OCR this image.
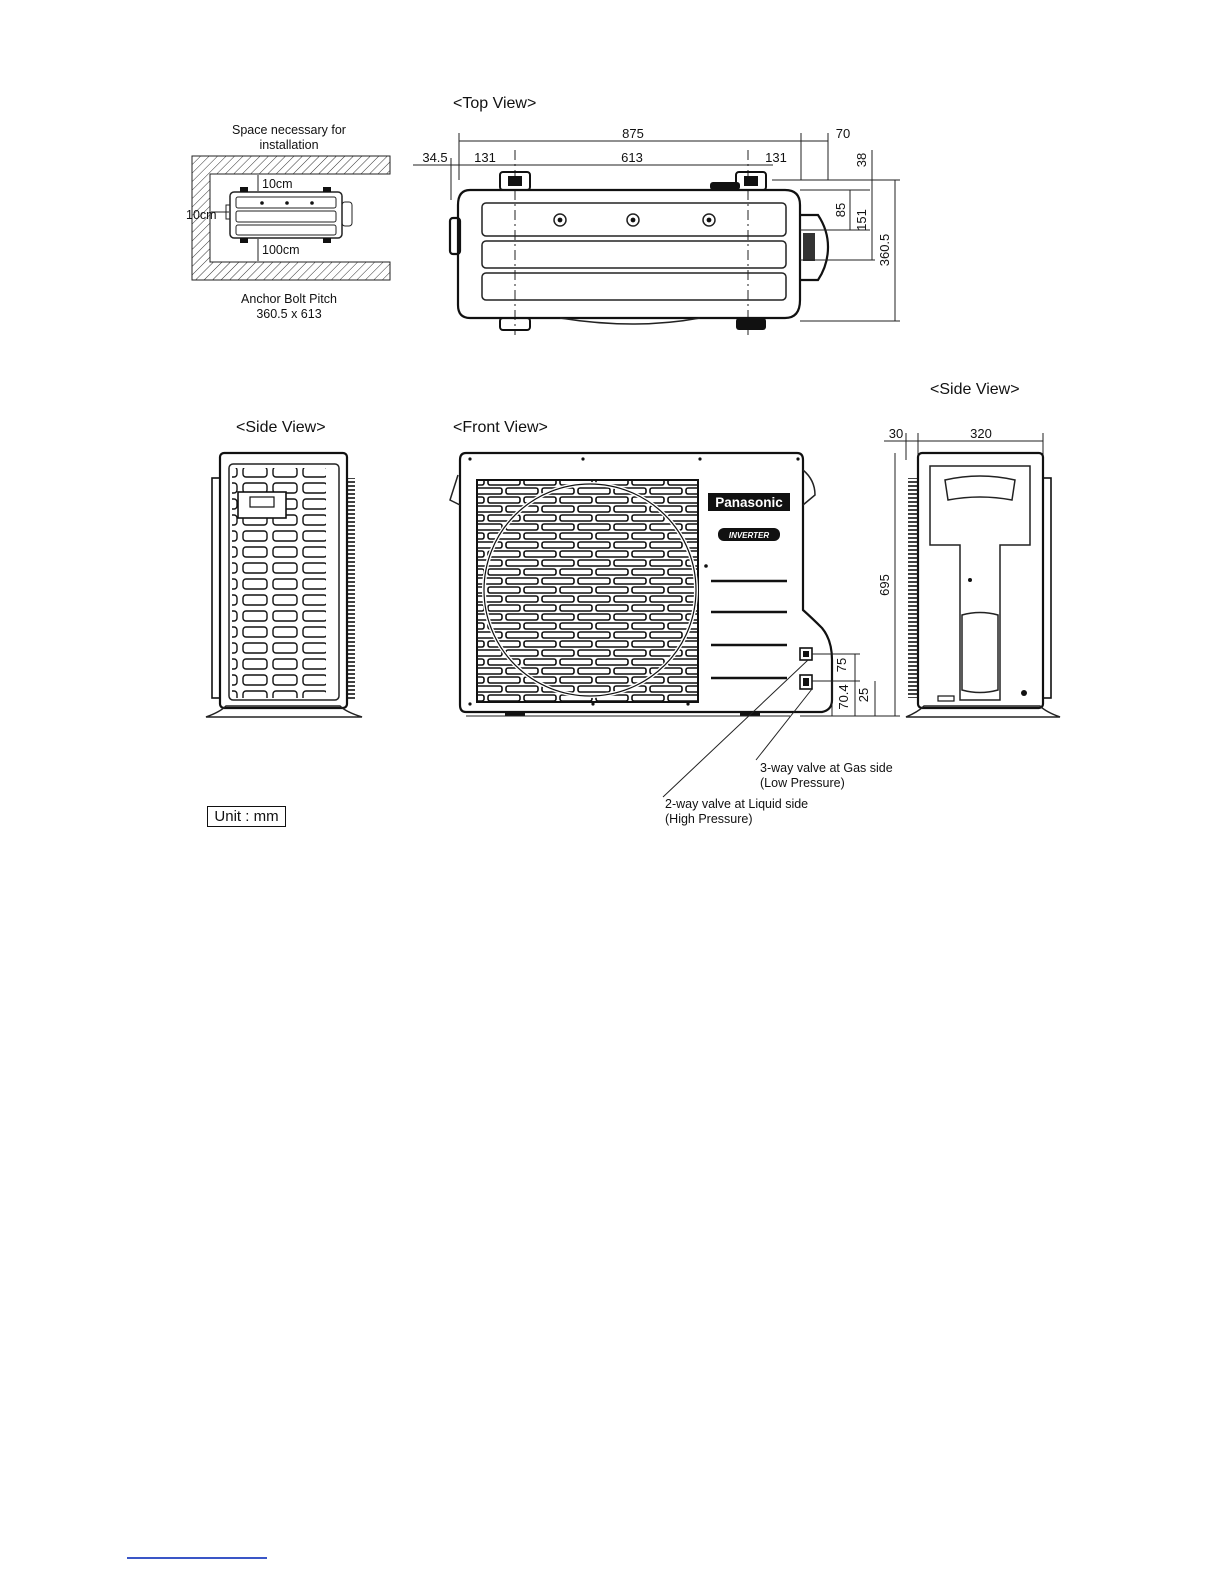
Space necessary for
installation
10cm
10cm
100cm
Anchor Bolt Pitch
360.5 x 613
<Top View>
875	70
34.5 131	613	131	38
85 151
360.5
<Side View>	<Front View>
Panasonic
INVERTER
75
25
70.4
695
3-way valve at Gas side
(Low Pressure)
2-way valve at Liquid side
(High Pressure)
<Side View>
30	320
Unit : mm
